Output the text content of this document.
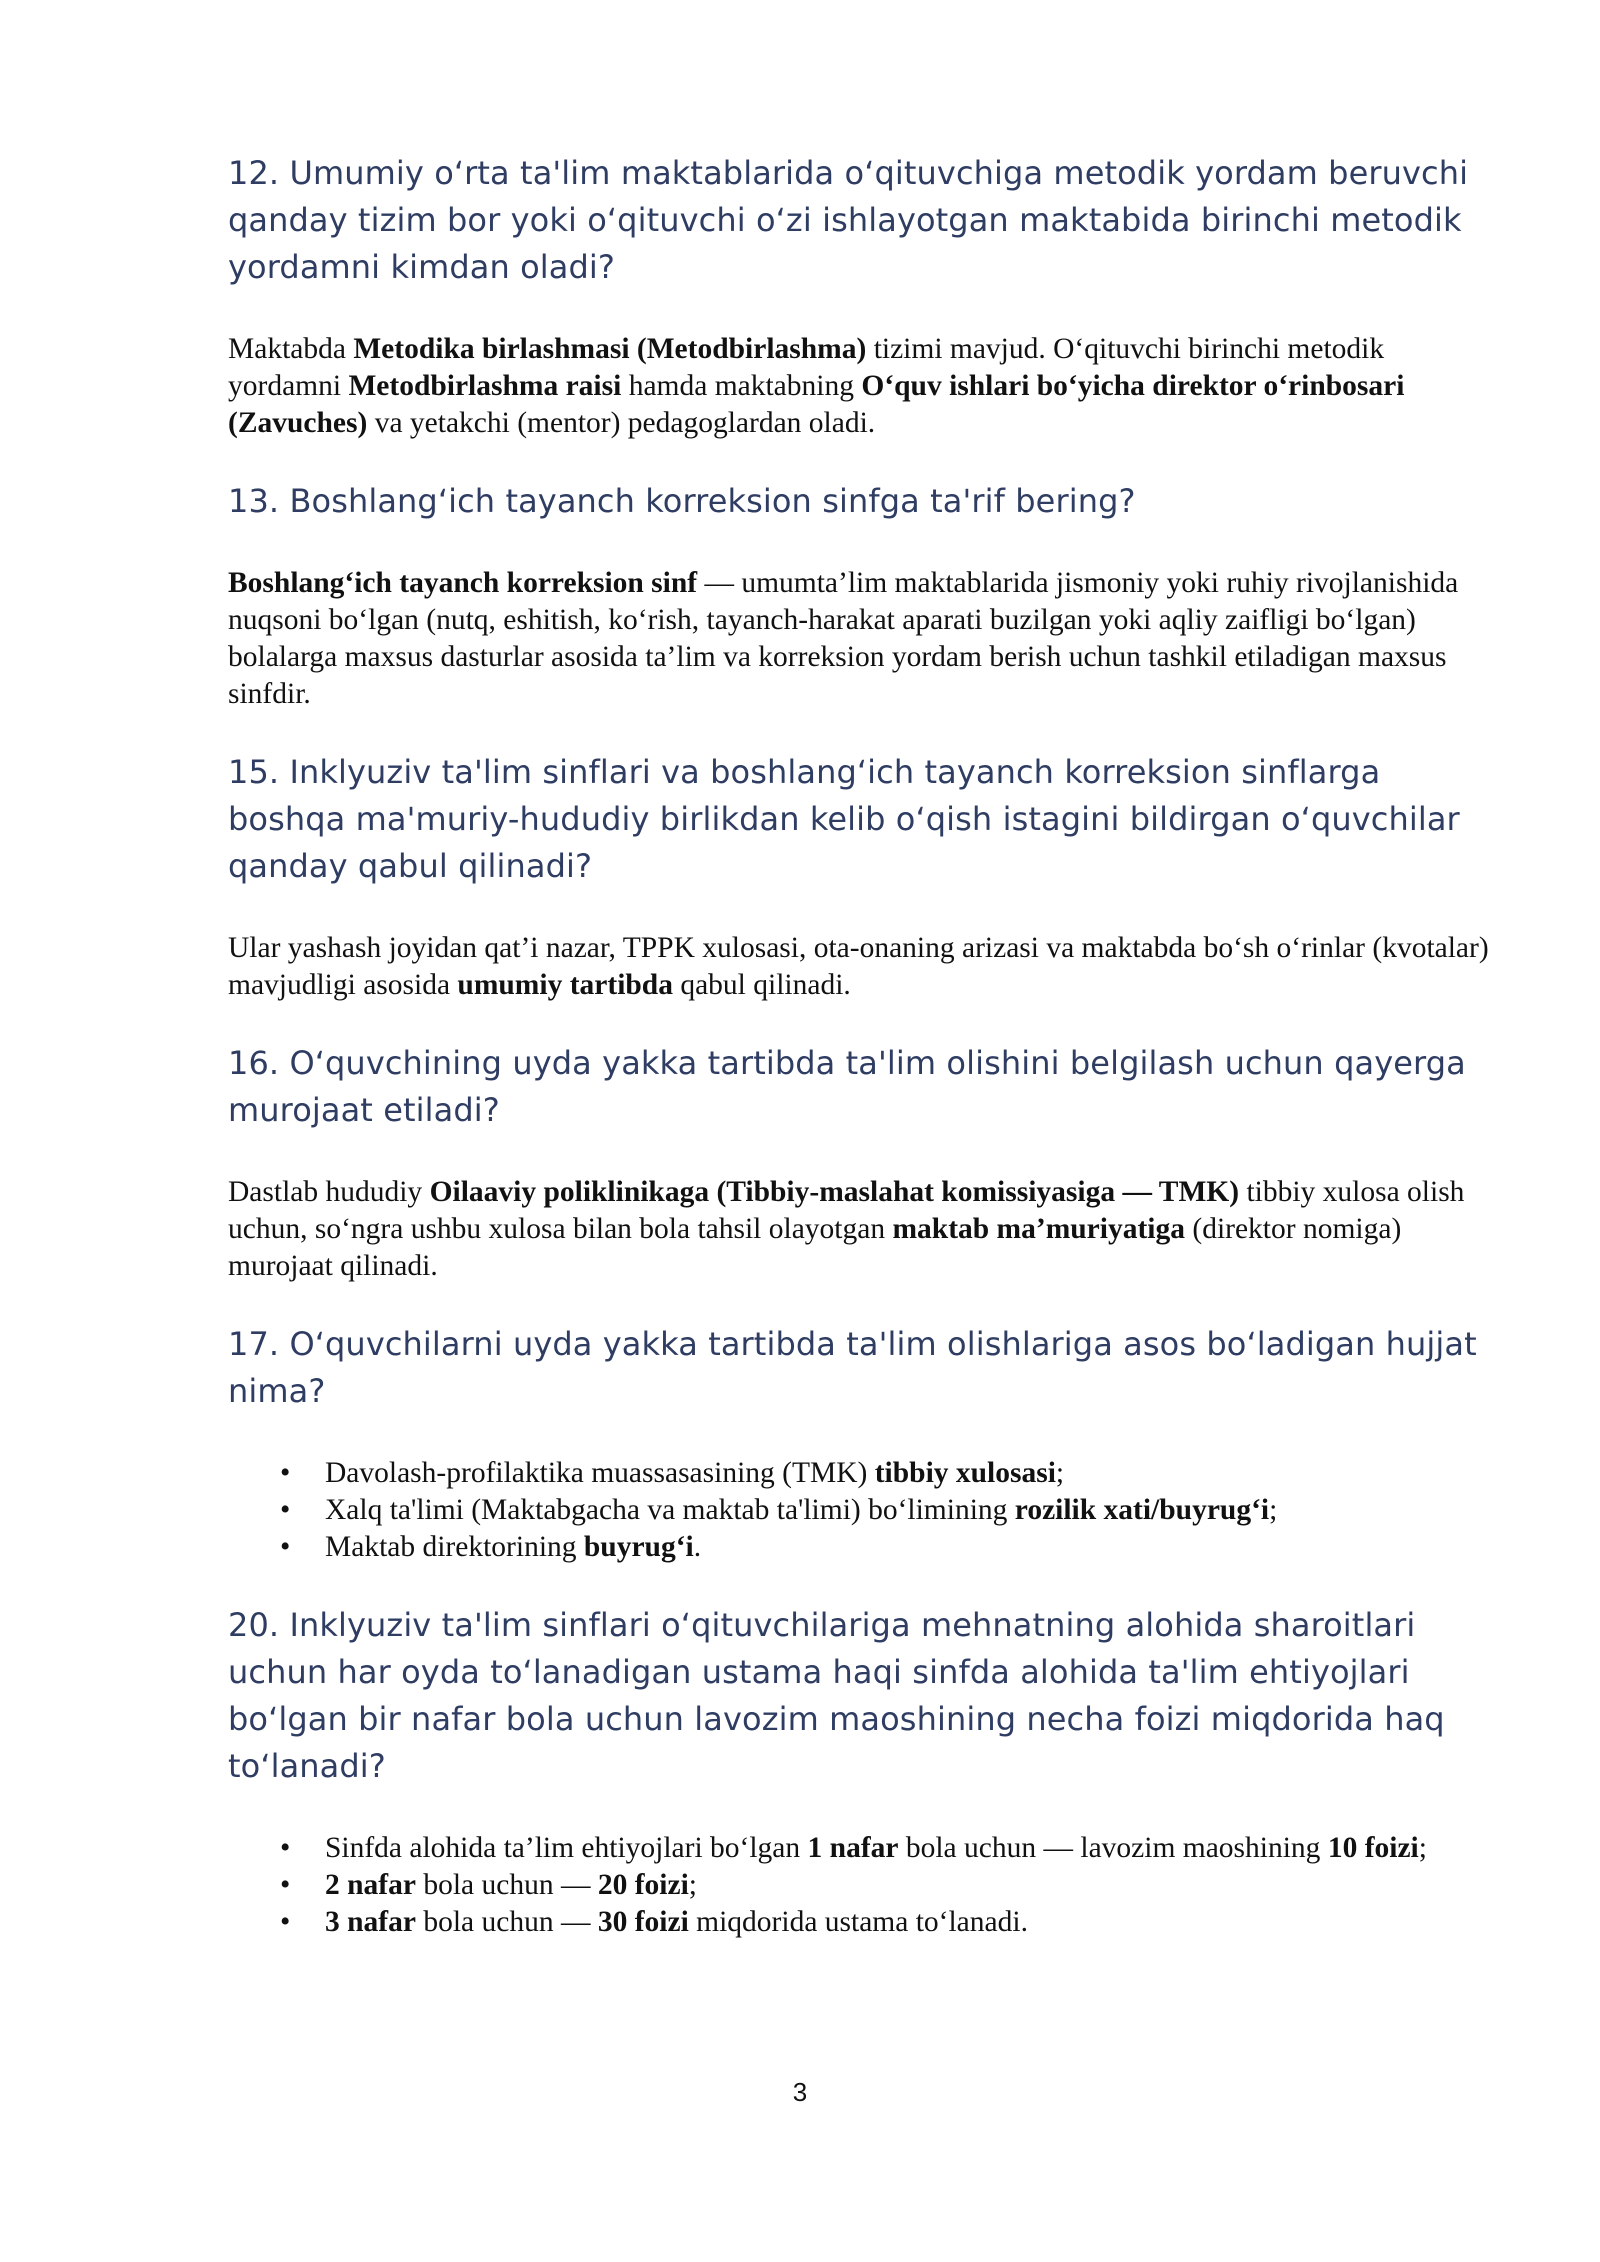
12. Umumiy o‘rta ta'lim maktablarida o‘qituvchiga metodik yordam beruvchi qanday tizim bor yoki o‘qituvchi o‘zi ishlayotgan maktabida birinchi metodik yordamni kimdan oladi?

Maktabda Metodika birlashmasi (Metodbirlashma) tizimi mavjud. O‘qituvchi birinchi metodik yordamni Metodbirlashma raisi hamda maktabning O‘quv ishlari bo‘yicha direktor o‘rinbosari (Zavuches) va yetakchi (mentor) pedagoglardan oladi.

13. Boshlang‘ich tayanch korreksion sinfga ta'rif bering?

Boshlang‘ich tayanch korreksion sinf — umumta’lim maktablarida jismoniy yoki ruhiy rivojlanishida nuqsoni bo‘lgan (nutq, eshitish, ko‘rish, tayanch-harakat aparati buzilgan yoki aqliy zaifligi bo‘lgan) bolalarga maxsus dasturlar asosida ta’lim va korreksion yordam berish uchun tashkil etiladigan maxsus sinfdir.

15. Inklyuziv ta'lim sinflari va boshlang‘ich tayanch korreksion sinflarga boshqa ma'muriy-hududiy birlikdan kelib o‘qish istagini bildirgan o‘quvchilar qanday qabul qilinadi?

Ular yashash joyidan qat’i nazar, TPPK xulosasi, ota-onaning arizasi va maktabda bo‘sh o‘rinlar (kvotalar) mavjudligi asosida umumiy tartibda qabul qilinadi.

16. O‘quvchining uyda yakka tartibda ta'lim olishini belgilash uchun qayerga murojaat etiladi?

Dastlab hududiy Oilaaviy poliklinikaga (Tibbiy-maslahat komissiyasiga — TMK) tibbiy xulosa olish uchun, so‘ngra ushbu xulosa bilan bola tahsil olayotgan maktab ma’muriyatiga (direktor nomiga) murojaat qilinadi.

17. O‘quvchilarni uyda yakka tartibda ta'lim olishlariga asos bo‘ladigan hujjat nima?

• Davolash-profilaktika muassasasining (TMK) tibbiy xulosasi;
• Xalq ta'limi (Maktabgacha va maktab ta'limi) bo‘limining rozilik xati/buyrug‘i;
• Maktab direktorining buyrug‘i.

20. Inklyuziv ta'lim sinflari o‘qituvchilariga mehnatning alohida sharoitlari uchun har oyda to‘lanadigan ustama haqi sinfda alohida ta'lim ehtiyojlari bo‘lgan bir nafar bola uchun lavozim maoshining necha foizi miqdorida haq to‘lanadi?

• Sinfda alohida ta’lim ehtiyojlari bo‘lgan 1 nafar bola uchun — lavozim maoshining 10 foizi;
• 2 nafar bola uchun — 20 foizi;
• 3 nafar bola uchun — 30 foizi miqdorida ustama to‘lanadi.
3
